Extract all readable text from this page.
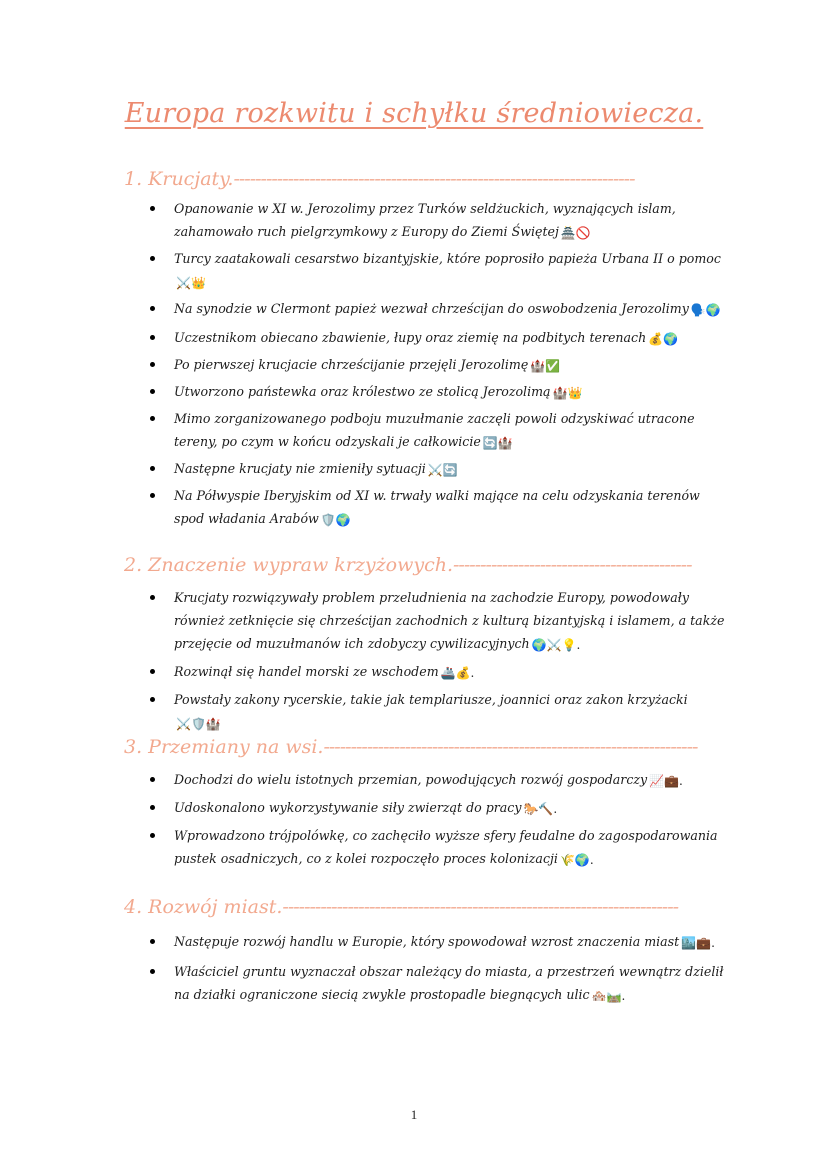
Europa rozkwitu i schyłku średniowiecza.
1. Krucjaty.--------------------------------------------------------------------------
Opanowanie w XI w. Jerozolimy przez Turków seldżuckich, wyznających islam, zahamowało ruch pielgrzymkowy z Europy do Ziemi Świętej 🏯🚫
Turcy zaatakowali cesarstwo bizantyjskie, które poprosiło papieża Urbana II o pomoc⚔️👑
Na synodzie w Clermont papież wezwał chrześcijan do oswobodzenia Jerozolimy 🗣️🌍
Uczestnikom obiecano zbawienie, łupy oraz ziemię na podbitych terenach 💰🌍
Po pierwszej krucjacie chrześcijanie przejęli Jerozolimę 🏰✅
Utworzono państewka oraz królestwo ze stolicą Jerozolimą 🏰👑
Mimo zorganizowanego podboju muzułmanie zaczęli powoli odzyskiwać utracone tereny, po czym w końcu odzyskali je całkowicie 🔄🏰
Następne krucjaty nie zmieniły sytuacji ⚔️🔄
Na Półwyspie Iberyjskim od XI w. trwały walki mające na celu odzyskania terenów spod władania Arabów 🛡️🌍
2. Znaczenie wypraw krzyżowych.--------------------------------------------
Krucjaty rozwiązywały problem przeludnienia na zachodzie Europy, powodowały również zetknięcie się chrześcijan zachodnich z kulturą bizantyjską i islamem, a także przejęcie od muzułmanów ich zdobyczy cywilizacyjnych 🌍⚔️💡.
Rozwinął się handel morski ze wschodem 🚢💰.
Powstały zakony rycerskie, takie jak templariusze, joannici oraz zakon krzyżacki⚔️🛡️🏰
3. Przemiany na wsi.---------------------------------------------------------------------
Dochodzi do wielu istotnych przemian, powodujących rozwój gospodarczy 📈💼.
Udoskonalono wykorzystywanie siły zwierząt do pracy 🐎🔨.
Wprowadzono trójpolówkę, co zachęciło wyższe sfery feudalne do zagospodarowania pustek osadniczych, co z kolei rozpoczęło proces kolonizacji 🌾🌍.
4. Rozwój miast.-------------------------------------------------------------------------
Następuje rozwój handlu w Europie, który spowodował wzrost znaczenia miast 🏙️💼.
Właściciel gruntu wyznaczał obszar należący do miasta, a przestrzeń wewnątrz dzielił na działki ograniczone siecią zwykle prostopadle biegnących ulic 🏘️🛤️.
1
